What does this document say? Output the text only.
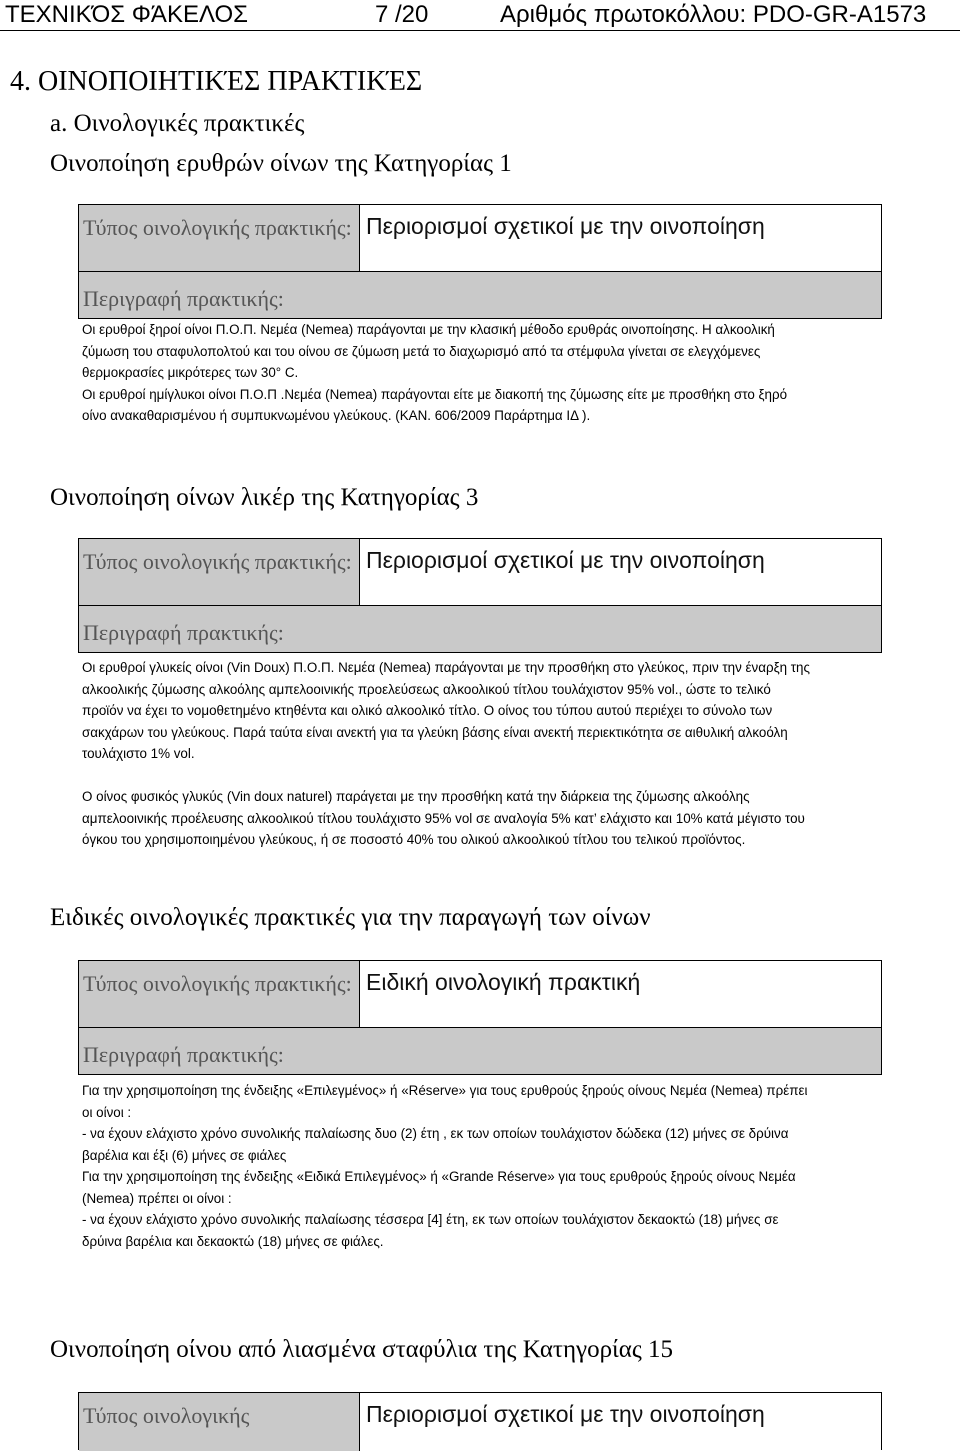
ΤΕΧΝΙΚΌΣ ΦΆΚΕΛΟΣ	7 /20	Αριθμός πρωτοκόλλου: PDO-GR-A1573
4. ΟΙΝΟΠΟΙΗΤΙΚΈΣ ΠΡΑΚΤΙΚΈΣ
a. Οινολογικές πρακτικές
Οινοποίηση ερυθρών οίνων της Κατηγορίας 1
Τύπος οινολογικής πρακτικής: Περιορισμοί σχετικοί με την οινοποίηση
Περιγραφή πρακτικής:
Οι ερυθροί ξηροί οίνοι Π.Ο.Π. Νεμέα (Nemea) παράγονται με την κλασική μέθοδο ερυθράς οινοποίησης. Η αλκοολική
ζύμωση του σταφυλοπολτού και του οίνου σε ζύμωση μετά το διαχωρισμό από τα στέμφυλα γίνεται σε ελεγχόμενες
θερμοκρασίες μικρότερες των 30° C.
Οι ερυθροί ημίγλυκοι οίνοι Π.Ο.Π .Νεμέα (Nemea) παράγονται είτε με διακοπή της ζύμωσης είτε με προσθήκη στο ξηρό
οίνο ανακαθαρισμένου ή συμπυκνωμένου γλεύκους. (ΚΑΝ. 606/2009 Παράρτημα ΙΔ ).
Οινοποίηση οίνων λικέρ της Κατηγορίας 3
Τύπος οινολογικής πρακτικής: Περιορισμοί σχετικοί με την οινοποίηση
Περιγραφή πρακτικής:
Οι ερυθροί γλυκείς οίνοι (Vin Doux) Π.Ο.Π. Νεμέα (Nemea) παράγονται με την προσθήκη στο γλεύκος, πριν την έναρξη της
αλκοολικής ζύμωσης αλκοόλης αμπελοοινικής προελεύσεως αλκοολικού τίτλου τουλάχιστον 95% vol., ώστε το τελικό
προϊόν να έχει το νομοθετημένο κτηθέντα και ολικό αλκοολικό τίτλο. Ο οίνος του τύπου αυτού περιέχει το σύνολο των
σακχάρων του γλεύκους. Παρά ταύτα είναι ανεκτή για τα γλεύκη βάσης είναι ανεκτή περιεκτικότητα σε αιθυλική αλκοόλη
τουλάχιστο 1% vol.
Ο οίνος φυσικός γλυκύς (Vin doux naturel) παράγεται με την προσθήκη κατά την διάρκεια της ζύμωσης αλκοόλης
αμπελοοινικής προέλευσης αλκοολικού τίτλου τουλάχιστο 95% vol σε αναλογία 5% κατ’ ελάχιστο και 10% κατά μέγιστο του
όγκου του χρησιμοποιημένου γλεύκους, ή σε ποσοστό 40% του ολικού αλκοολικού τίτλου του τελικού προϊόντος.
Ειδικές οινολογικές πρακτικές για την παραγωγή των οίνων
Τύπος οινολογικής πρακτικής: Ειδική οινολογική πρακτική
Περιγραφή πρακτικής:
Για την χρησιμοποίηση της ένδειξης «Επιλεγμένος» ή «Réserve» για τους ερυθρούς ξηρούς οίνους Νεμέα (Nemea) πρέπει
οι οίνοι :
- να έχουν ελάχιστο χρόνο συνολικής παλαίωσης δυο (2) έτη , εκ των οποίων τουλάχιστον δώδεκα (12) μήνες σε δρύινα
βαρέλια και έξι (6) μήνες σε φιάλες
Για την χρησιμοποίηση της ένδειξης «Ειδικά Επιλεγμένος» ή «Grande Réserve» για τους ερυθρούς ξηρούς οίνους Νεμέα
(Nemea) πρέπει οι οίνοι :
- να έχουν ελάχιστο χρόνο συνολικής παλαίωσης τέσσερα [4] έτη, εκ των οποίων τουλάχιστον δεκαοκτώ (18) μήνες σε
δρύινα βαρέλια και δεκαοκτώ (18) μήνες σε φιάλες.
Οινοποίηση οίνου από λιασμένα σταφύλια της Κατηγορίας 15
Τύπος οινολογικής	Περιορισμοί σχετικοί με την οινοποίηση
